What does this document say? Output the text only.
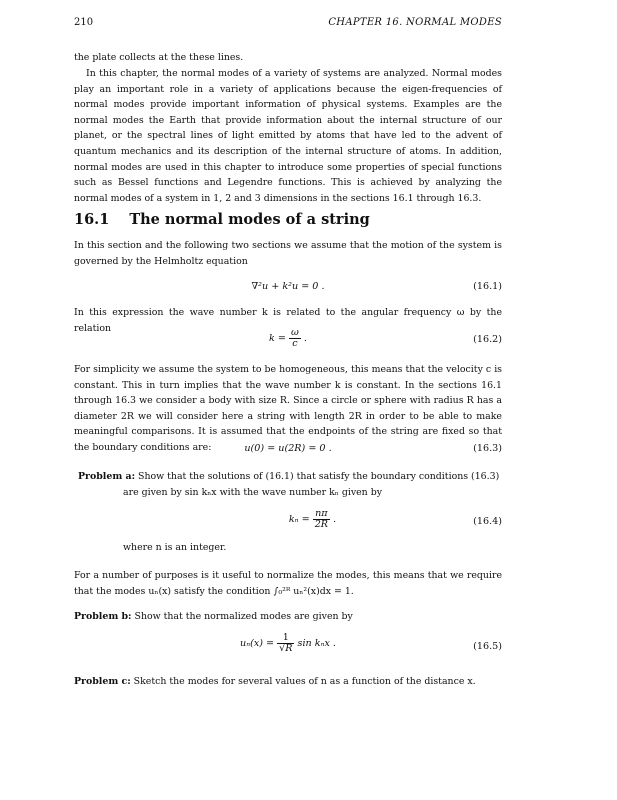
210	CHAPTER 16. NORMAL MODES
the plate collects at the these lines.
In this chapter, the normal modes of a variety of systems are analyzed. Normal modes play an important role in a variety of applications because the eigen-frequencies of normal modes provide important information of physical systems. Examples are the normal modes the Earth that provide information about the internal structure of our planet, or the spectral lines of light emitted by atoms that have led to the advent of quantum mechanics and its description of the internal structure of atoms. In addition, normal modes are used in this chapter to introduce some properties of special functions such as Bessel functions and Legendre functions. This is achieved by analyzing the normal modes of a system in 1, 2 and 3 dimensions in the sections 16.1 through 16.3.
16.1 The normal modes of a string
In this section and the following two sections we assume that the motion of the system is governed by the Helmholtz equation
∇²u + k²u = 0 .	(16.1)
In this expression the wave number k is related to the angular frequency ω by the relation
$k = \frac{\omega}{c}$ .	(16.2)
For simplicity we assume the system to be homogeneous, this means that the velocity c is constant. This in turn implies that the wave number k is constant. In the sections 16.1 through 16.3 we consider a body with size R. Since a circle or sphere with radius R has a diameter 2R we will consider here a string with length 2R in order to be able to make meaningful comparisons. It is assumed that the endpoints of the string are fixed so that the boundary conditions are:	u(0) = u(2R) = 0 .	(16.3)
Problem a: Show that the solutions of (16.1) that satisfy the boundary conditions (16.3)
are given by sin kₙx with the wave number kₙ given by
$k_n = \frac{n\pi}{2R}$ .	(16.4)
where n is an integer.
For a number of purposes is it useful to normalize the modes, this means that we require that the modes uₙ(x) satisfy the condition ∫₀²ᴿ uₙ²(x)dx = 1.
Problem b: Show that the normalized modes are given by
$u_n(x) = \frac{1}{√R}$ sin kₙx .	(16.5)
Problem c: Sketch the modes for several values of n as a function of the distance x.
